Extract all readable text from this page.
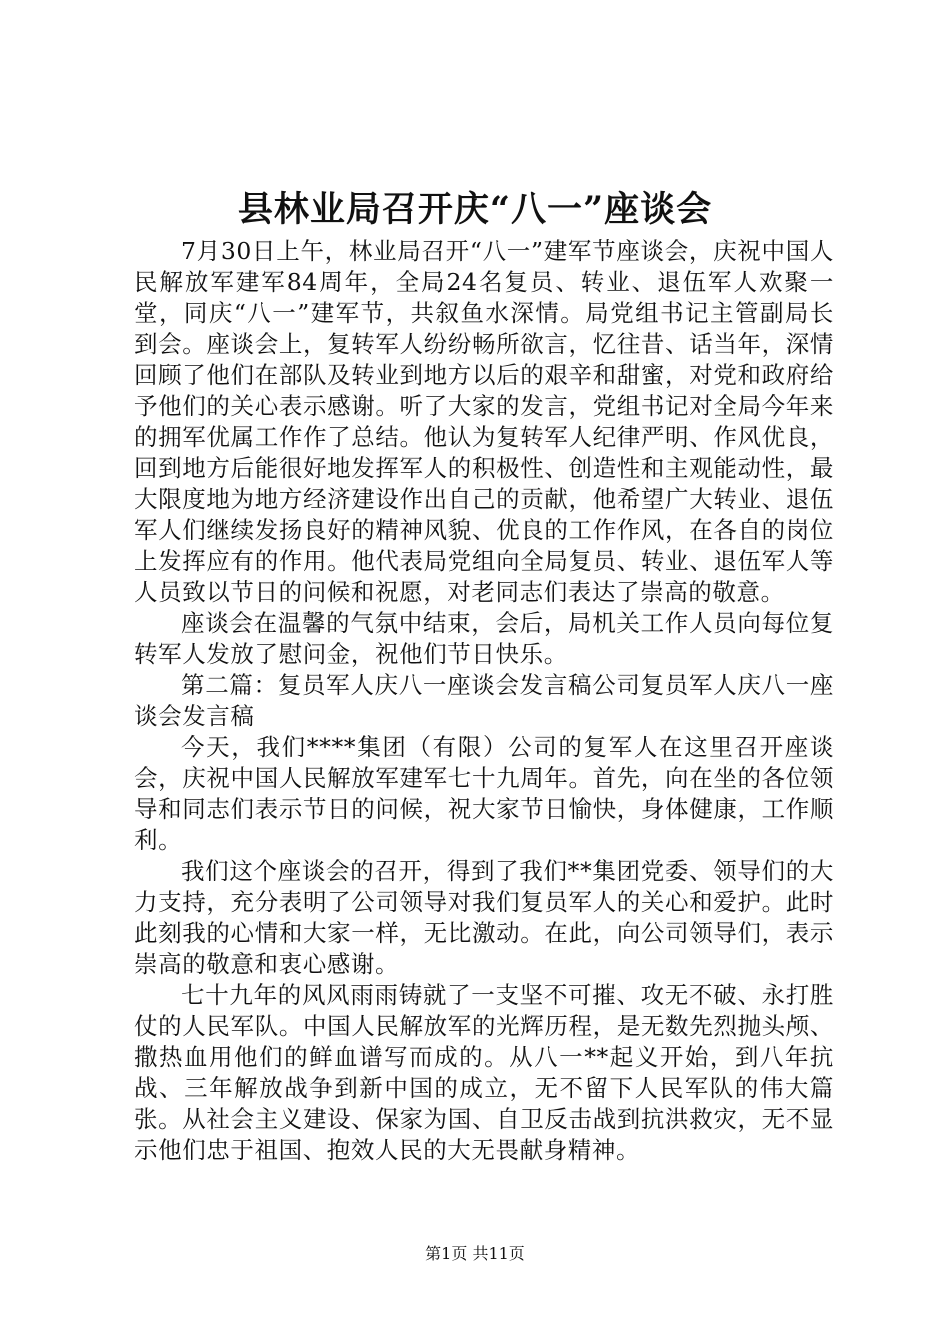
县林业局召开庆“八一”座谈会

7月30日上午，林业局召开“八一”建军节座谈会，庆祝中国人民解放军建军84周年，全局24名复员、转业、退伍军人欢聚一堂，同庆“八一”建军节，共叙鱼水深情。局党组书记主管副局长到会。座谈会上，复转军人纷纷畅所欲言，忆往昔、话当年，深情回顾了他们在部队及转业到地方以后的艰辛和甜蜜，对党和政府给予他们的关心表示感谢。听了大家的发言，党组书记对全局今年来的拥军优属工作作了总结。他认为复转军人纪律严明、作风优良，回到地方后能很好地发挥军人的积极性、创造性和主观能动性，最大限度地为地方经济建设作出自己的贡献，他希望广大转业、退伍军人们继续发扬良好的精神风貌、优良的工作作风，在各自的岗位上发挥应有的作用。他代表局党组向全局复员、转业、退伍军人等人员致以节日的问候和祝愿，对老同志们表达了崇高的敬意。

座谈会在温馨的气氛中结束，会后，局机关工作人员向每位复转军人发放了慰问金，祝他们节日快乐。

第二篇：复员军人庆八一座谈会发言稿公司复员军人庆八一座谈会发言稿

今天，我们****集团（有限）公司的复军人在这里召开座谈会，庆祝中国人民解放军建军七十九周年。首先，向在坐的各位领导和同志们表示节日的问候，祝大家节日愉快，身体健康，工作顺利。

我们这个座谈会的召开，得到了我们**集团党委、领导们的大力支持，充分表明了公司领导对我们复员军人的关心和爱护。此时此刻我的心情和大家一样，无比激动。在此，向公司领导们，表示崇高的敬意和衷心感谢。

七十九年的风风雨雨铸就了一支坚不可摧、攻无不破、永打胜仗的人民军队。中国人民解放军的光辉历程，是无数先烈抛头颅、撒热血用他们的鲜血谱写而成的。从八一**起义开始，到八年抗战、三年解放战争到新中国的成立，无不留下人民军队的伟大篇张。从社会主义建设、保家为国、自卫反击战到抗洪救灾，无不显示他们忠于祖国、抱效人民的大无畏献身精神。

第1页 共11页
